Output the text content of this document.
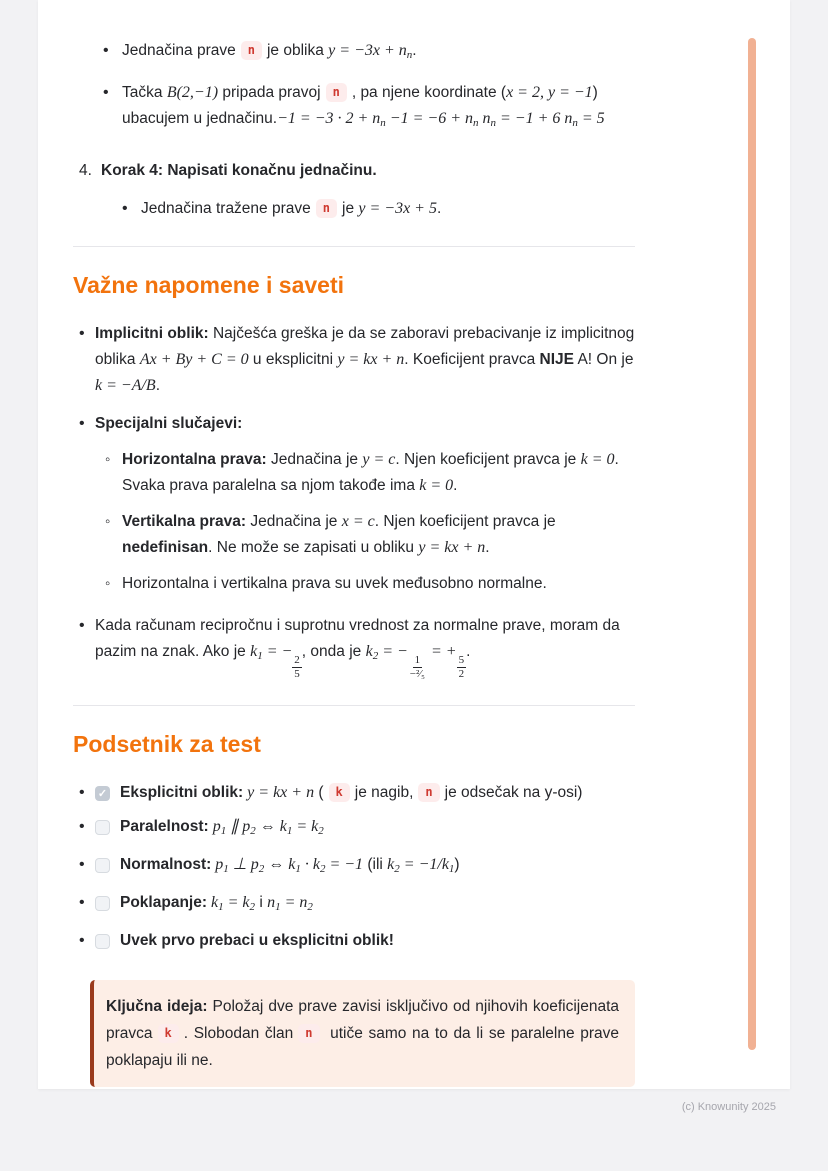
•
Jednačina prave n je oblika $y = -3x + n_n$.
•
Tačka B(2,−1) pripada pravoj n , pa njene koordinate (x = 2, y = −1) ubacujem u jednačinu.−1 = $-3 \cdot 2 + n_n -1 = -6 + n_n$ $n_n = -1 + 6$ $n_n = 5$
4. Korak 4: Napisati konačnu jednačinu.
•
Jednačina tražene prave n je y = −3x + 5.
Važne napomene i saveti
•
Implicitni oblik: Najčešća greška je da se zaboravi prebacivanje iz implicitnog oblika Ax + By + C = 0 u eksplicitni y = kx + n. Koeficijent pravca NIJE A! On je k = −A/B.
•
Specijalni slučajevi:
◦
Horizontalna prava: Jednačina je y = c. Njen koeficijent pravca je k = 0. Svaka prava paralelna sa njom takođe ima k = 0.
◦
Vertikalna prava: Jednačina je x = c. Njen koeficijent pravca je nedefinisan. Ne može se zapisati u obliku y = kx + n.
◦
Horizontalna i vertikalna prava su uvek međusobno normalne.
•
Kada računam recipročnu i suprotnu vrednost za normalne prave, moram da pazim na znak. Ako je $k_1$ = −
$\frac{2}{5}$
, onda je $k_2$ = −
$\frac{1}{\text{−²⁄₅}}$
= +
$\frac{5}{2}$
.
Podsetnik za test
•
✓
Eksplicitni oblik: y = kx + n ( k je nagib, n je odsečak na y-osi)
•
Paralelnost: $p_1$ ∥ $p_2$ ⇔ $k_1 = k_2$
•
Normalnost: $p_1$ ⊥ $p_2$ ⇔ $k_1 \cdot k_2 = -1$ (ili $k_2 = -1/k_1$)
•
Poklapanje: $k_1 = k_2$ i $n_1 = n_2$
•
Uvek prvo prebaci u eksplicitni oblik!
Ključna ideja: Položaj dve prave zavisi isključivo od njihovih koeficijenata pravca k . Slobodan član n utiče samo na to da li se paralelne prave poklapaju ili ne.
(c) Knowunity 2025
